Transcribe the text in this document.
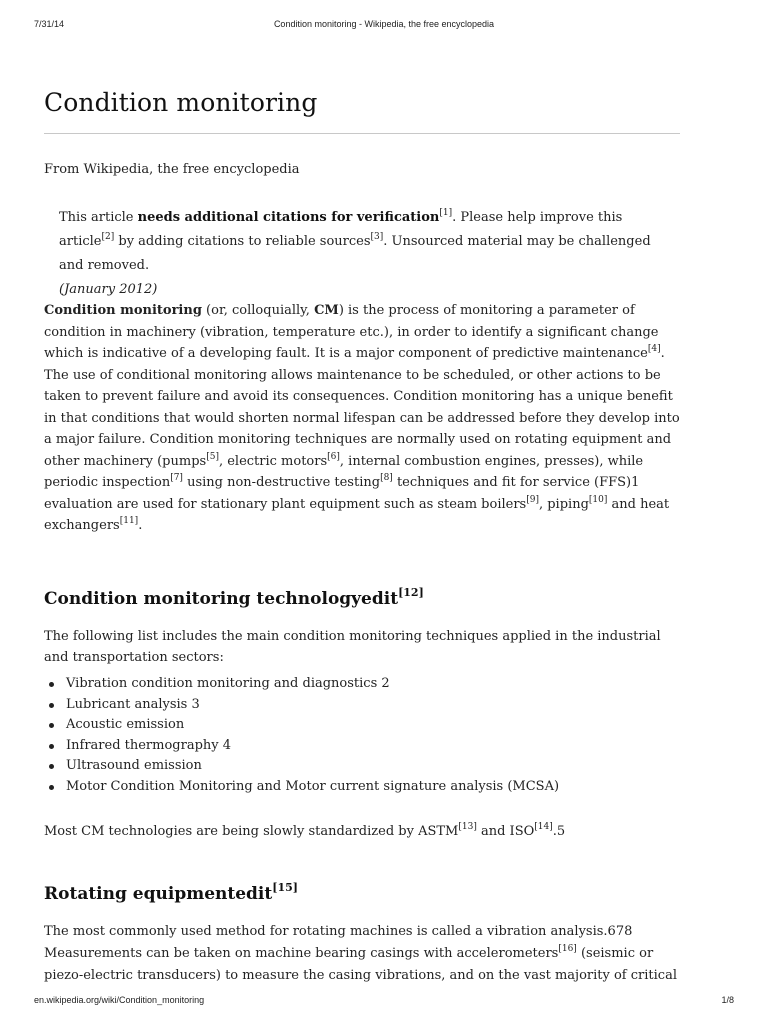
7/31/14	Condition monitoring - Wikipedia, the free encyclopedia
Condition monitoring
From Wikipedia, the free encyclopedia
This article needs additional citations for verification[1]. Please help improve this article[2] by adding citations to reliable sources[3]. Unsourced material may be challenged and removed.
(January 2012)

Condition monitoring (or, colloquially, CM) is the process of monitoring a parameter of condition in machinery (vibration, temperature etc.), in order to identify a significant change which is indicative of a developing fault. It is a major component of predictive maintenance[4]. The use of conditional monitoring allows maintenance to be scheduled, or other actions to be taken to prevent failure and avoid its consequences. Condition monitoring has a unique benefit in that conditions that would shorten normal lifespan can be addressed before they develop into a major failure. Condition monitoring techniques are normally used on rotating equipment and other machinery (pumps[5], electric motors[6], internal combustion engines, presses), while periodic inspection[7] using non-destructive testing[8] techniques and fit for service (FFS)1 evaluation are used for stationary plant equipment such as steam boilers[9], piping[10] and heat exchangers[11].

Condition monitoring technologyedit[12]

The following list includes the main condition monitoring techniques applied in the industrial and transportation sectors:

Vibration condition monitoring and diagnostics 2
Lubricant analysis 3
Acoustic emission
Infrared thermography 4
Ultrasound emission
Motor Condition Monitoring and Motor current signature analysis (MCSA)

Most CM technologies are being slowly standardized by ASTM[13] and ISO[14].5

Rotating equipmentedit[15]

The most commonly used method for rotating machines is called a vibration analysis.678 Measurements can be taken on machine bearing casings with accelerometers[16] (seismic or piezo-electric transducers) to measure the casing vibrations, and on the vast majority of critical

en.wikipedia.org/wiki/Condition_monitoring	1/8
